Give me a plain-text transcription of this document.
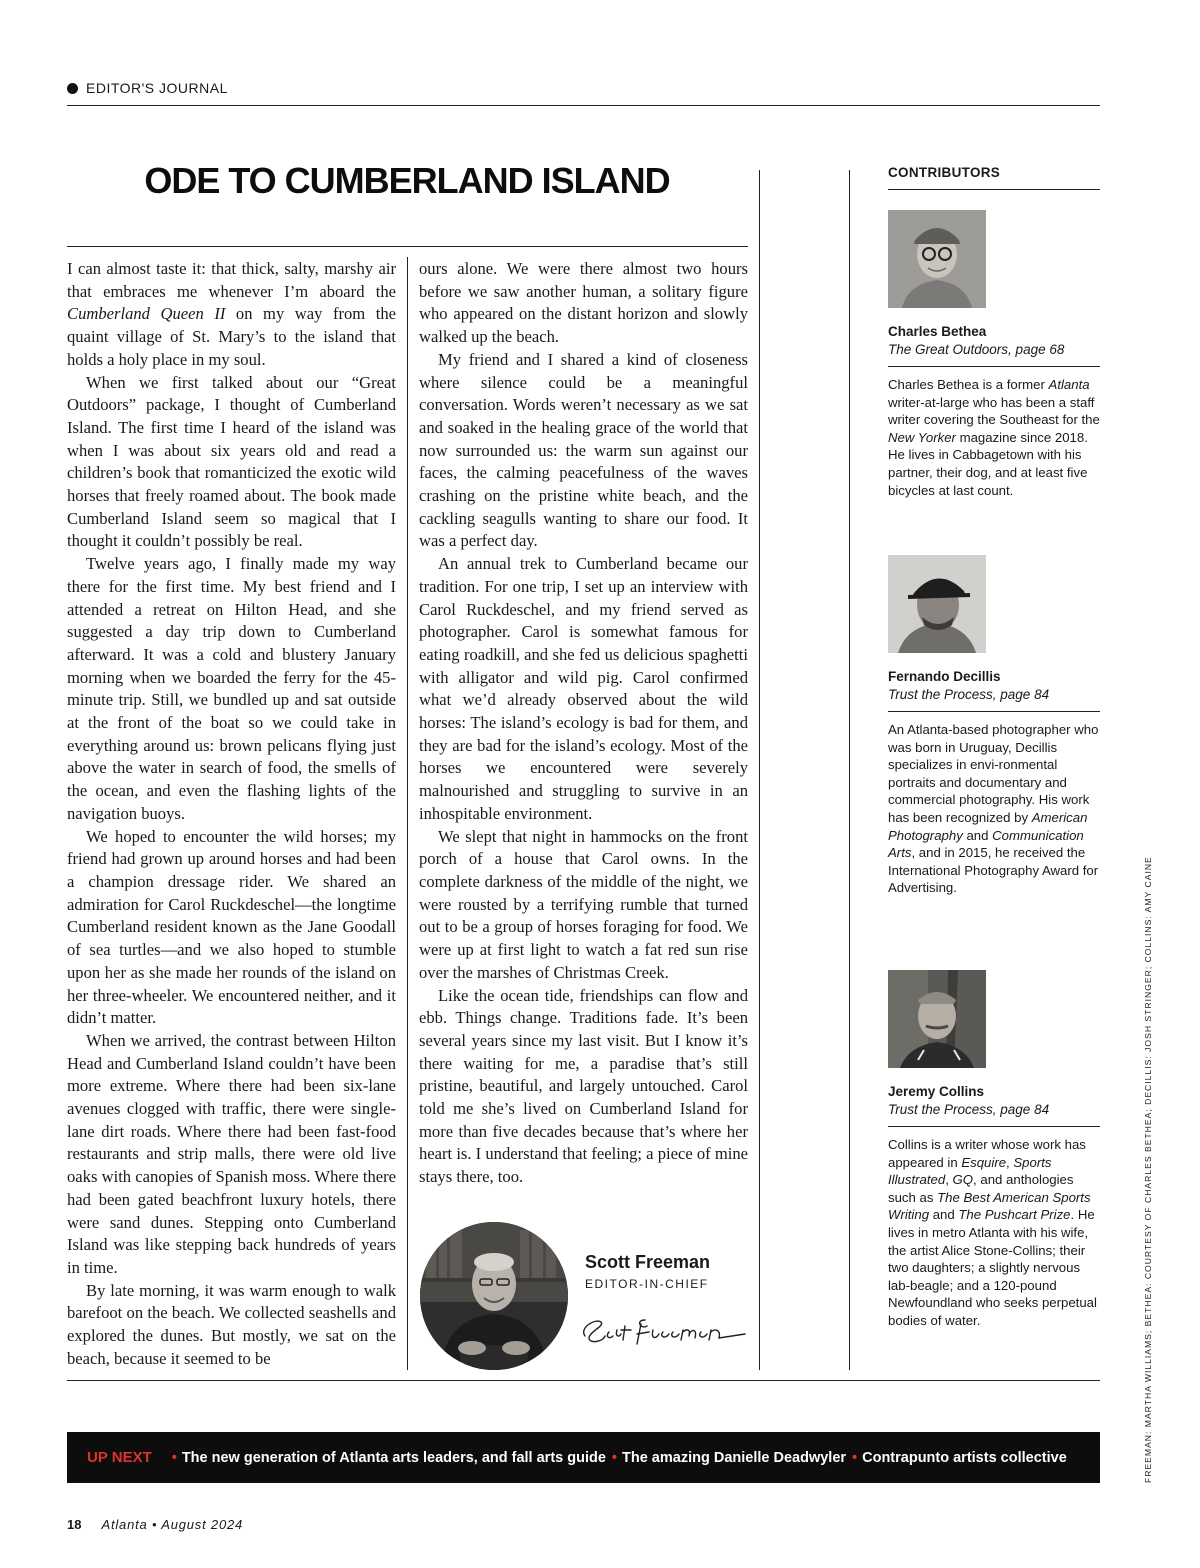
EDITOR'S JOURNAL
ODE TO CUMBERLAND ISLAND

I can almost taste it: that thick, salty, marshy air that embraces me whenever I’m aboard the Cumberland Queen II on my way from the quaint village of St. Mary’s to the island that holds a holy place in my soul.

When we first talked about our “Great Outdoors” package, I thought of Cumberland Island. The first time I heard of the island was when I was about six years old and read a children’s book that romanticized the exotic wild horses that freely roamed about. The book made Cumberland Island seem so magical that I thought it couldn’t possibly be real.

Twelve years ago, I finally made my way there for the first time. My best friend and I attended a retreat on Hilton Head, and she suggested a day trip down to Cumberland afterward. It was a cold and blustery January morning when we boarded the ferry for the 45-minute trip. Still, we bundled up and sat outside at the front of the boat so we could take in everything around us: brown pelicans flying just above the water in search of food, the smells of the ocean, and even the flashing lights of the navigation buoys.

We hoped to encounter the wild horses; my friend had grown up around horses and had been a champion dressage rider. We shared an admiration for Carol Ruckdeschel—the longtime Cumberland resident known as the Jane Goodall of sea turtles—and we also hoped to stumble upon her as she made her rounds of the island on her three-wheeler. We encountered neither, and it didn’t matter.

When we arrived, the contrast between Hilton Head and Cumberland Island couldn’t have been more extreme. Where there had been six-lane avenues clogged with traffic, there were single-lane dirt roads. Where there had been fast-food restaurants and strip malls, there were old live oaks with canopies of Spanish moss. Where there had been gated beachfront luxury hotels, there were sand dunes. Stepping onto Cumberland Island was like stepping back hundreds of years in time.

By late morning, it was warm enough to walk barefoot on the beach. We collected seashells and explored the dunes. But mostly, we sat on the beach, because it seemed to be

ours alone. We were there almost two hours before we saw another human, a solitary figure who appeared on the distant horizon and slowly walked up the beach.

My friend and I shared a kind of closeness where silence could be a meaningful conversation. Words weren’t necessary as we sat and soaked in the healing grace of the world that now surrounded us: the warm sun against our faces, the calming peacefulness of the waves crashing on the pristine white beach, and the cackling seagulls wanting to share our food. It was a perfect day.

An annual trek to Cumberland became our tradition. For one trip, I set up an interview with Carol Ruckdeschel, and my friend served as photographer. Carol is somewhat famous for eating roadkill, and she fed us delicious spaghetti with alligator and wild pig. Carol confirmed what we’d already observed about the wild horses: The island’s ecology is bad for them, and they are bad for the island’s ecology. Most of the horses we encountered were severely malnourished and struggling to survive in an inhospitable environment.

We slept that night in hammocks on the front porch of a house that Carol owns. In the complete darkness of the middle of the night, we were rousted by a terrifying rumble that turned out to be a group of horses foraging for food. We were up at first light to watch a fat red sun rise over the marshes of Christmas Creek.

Like the ocean tide, friendships can flow and ebb. Things change. Traditions fade. It’s been several years since my last visit. But I know it’s there waiting for me, a paradise that’s still pristine, beautiful, and largely untouched. Carol told me she’s lived on Cumberland Island for more than five decades because that’s where her heart is. I understand that feeling; a piece of mine stays there, too.

Scott Freeman
EDITOR-IN-CHIEF
CONTRIBUTORS
Charles Bethea
The Great Outdoors, page 68
Charles Bethea is a former Atlanta writer-at-large who has been a staff writer covering the Southeast for the New Yorker magazine since 2018. He lives in Cabbagetown with his partner, their dog, and at least five bicycles at last count.
Fernando Decillis
Trust the Process, page 84
An Atlanta-based photographer who was born in Uruguay, Decillis specializes in envi-ronmental portraits and documentary and commercial photography. His work has been recognized by American Photography and Communication Arts, and in 2015, he received the International Photography Award for Advertising.
Jeremy Collins
Trust the Process, page 84
Collins is a writer whose work has appeared in Esquire, Sports Illustrated, GQ, and anthologies such as The Best American Sports Writing and The Pushcart Prize. He lives in metro Atlanta with his wife, the artist Alice Stone-Collins; their two daughters; a slightly nervous lab-beagle; and a 120-pound Newfoundland who seeks perpetual bodies of water.	FREEMAN: MARTHA WILLIAMS; BETHEA: COURTESY OF CHARLES BETHEA; DECILLIS: JOSH STRINGER; COLLINS: AMY CAINE
UP NEXT • The new generation of Atlanta arts leaders, and fall arts guide • The amazing Danielle Deadwyler • Contrapunto artists collective
18 Atlanta • August 2024
